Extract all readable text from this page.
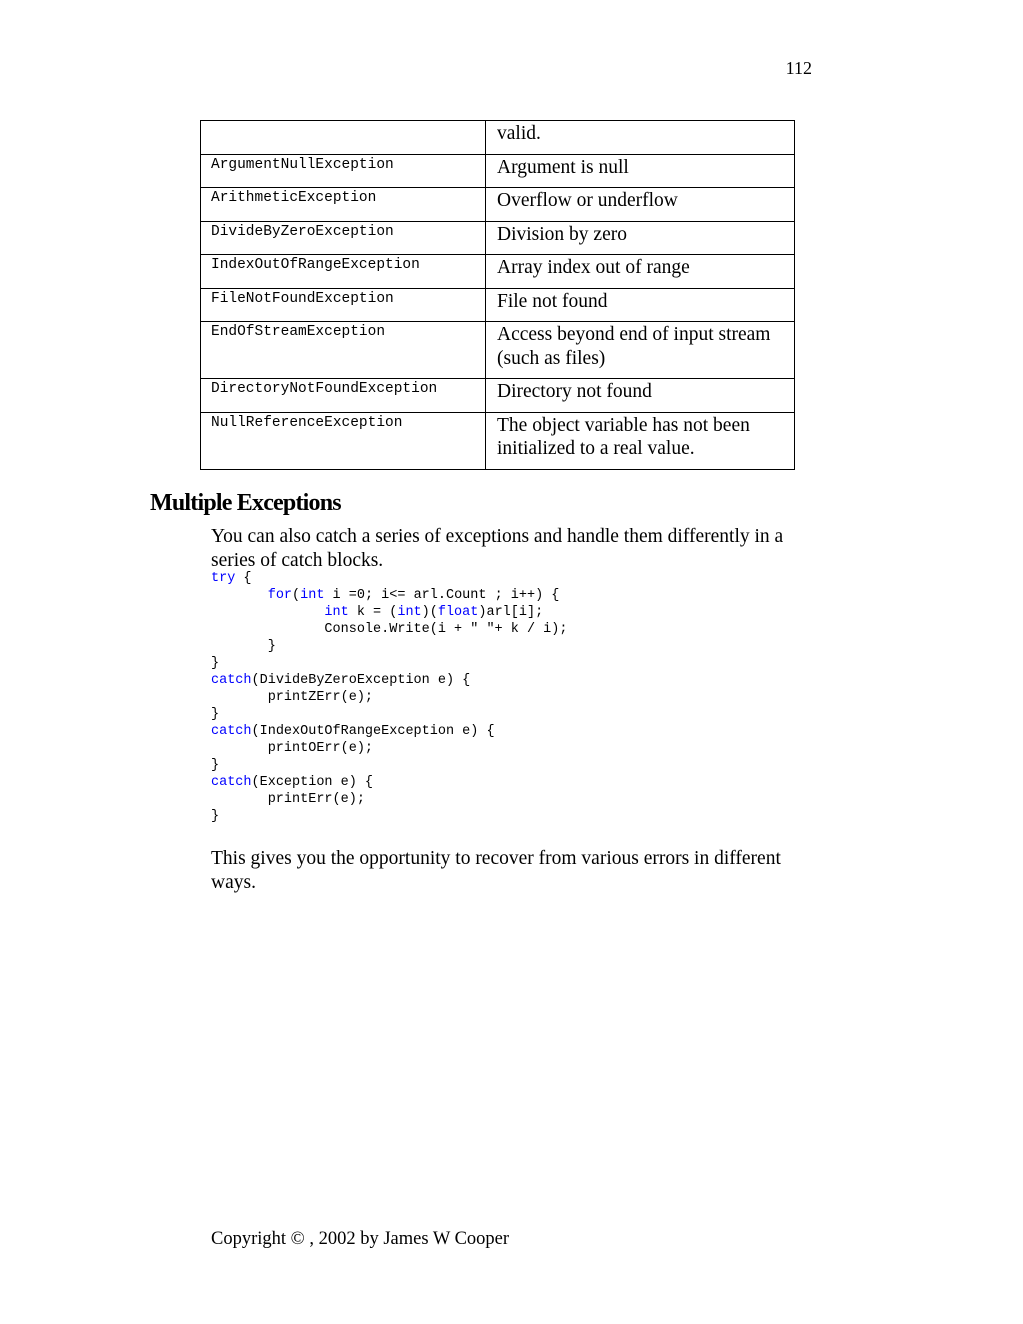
112
	valid.
ArgumentNullException	Argument is null
ArithmeticException	Overflow or underflow
DivideByZeroException	Division by zero
IndexOutOfRangeException	Array index out of range
FileNotFoundException	File not found
EndOfStreamException	Access beyond end of input stream (such as files)
DirectoryNotFoundException	Directory not found
NullReferenceException	The object variable has not been initialized to a real value.
Multiple Exceptions

You can also catch a series of exceptions and handle them differently in a series of catch blocks.

try {
for(int i =0; i<= arl.Count ; i++) {
int k = (int)(float)arl[i];
Console.Write(i + " "+ k / i);
}
}
catch(DivideByZeroException e) {
printZErr(e);
}
catch(IndexOutOfRangeException e) {
printOErr(e);
}
catch(Exception e) {
printErr(e);
}

This gives you the opportunity to recover from various errors in different ways.

Copyright © , 2002 by James W Cooper
